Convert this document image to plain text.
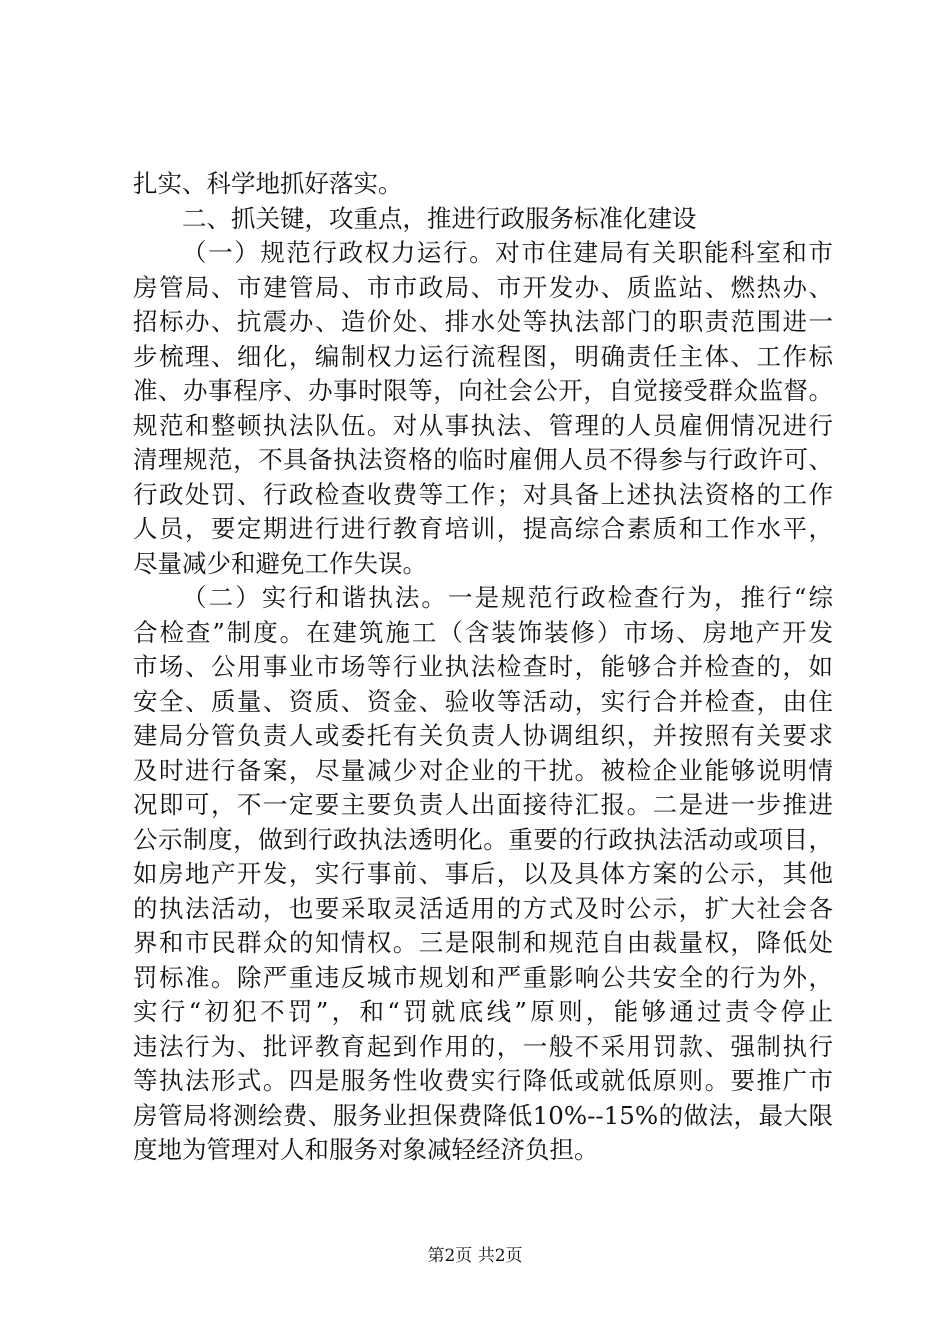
扎实、科学地抓好落实。
二、抓关键，攻重点，推进行政服务标准化建设
（一）规范行政权力运行。对市住建局有关职能科室和市
房管局、市建管局、市市政局、市开发办、质监站、燃热办、
招标办、抗震办、造价处、排水处等执法部门的职责范围进一
步梳理、细化，编制权力运行流程图，明确责任主体、工作标
准、办事程序、办事时限等，向社会公开，自觉接受群众监督。
规范和整顿执法队伍。对从事执法、管理的人员雇佣情况进行
清理规范，不具备执法资格的临时雇佣人员不得参与行政许可、
行政处罚、行政检查收费等工作；对具备上述执法资格的工作
人员，要定期进行进行教育培训，提高综合素质和工作水平，
尽量减少和避免工作失误。
（二）实行和谐执法。一是规范行政检查行为，推行“综
合检查”制度。在建筑施工（含装饰装修）市场、房地产开发
市场、公用事业市场等行业执法检查时，能够合并检查的，如
安全、质量、资质、资金、验收等活动，实行合并检查，由住
建局分管负责人或委托有关负责人协调组织，并按照有关要求
及时进行备案，尽量减少对企业的干扰。被检企业能够说明情
况即可，不一定要主要负责人出面接待汇报。二是进一步推进
公示制度，做到行政执法透明化。重要的行政执法活动或项目，
如房地产开发，实行事前、事后，以及具体方案的公示，其他
的执法活动，也要采取灵活适用的方式及时公示，扩大社会各
界和市民群众的知情权。三是限制和规范自由裁量权，降低处
罚标准。除严重违反城市规划和严重影响公共安全的行为外，
实行“初犯不罚”，和“罚就底线”原则，能够通过责令停止
违法行为、批评教育起到作用的，一般不采用罚款、强制执行
等执法形式。四是服务性收费实行降低或就低原则。要推广市
房管局将测绘费、服务业担保费降低10%--15%的做法，最大限
度地为管理对人和服务对象减轻经济负担。
第2页 共2页
